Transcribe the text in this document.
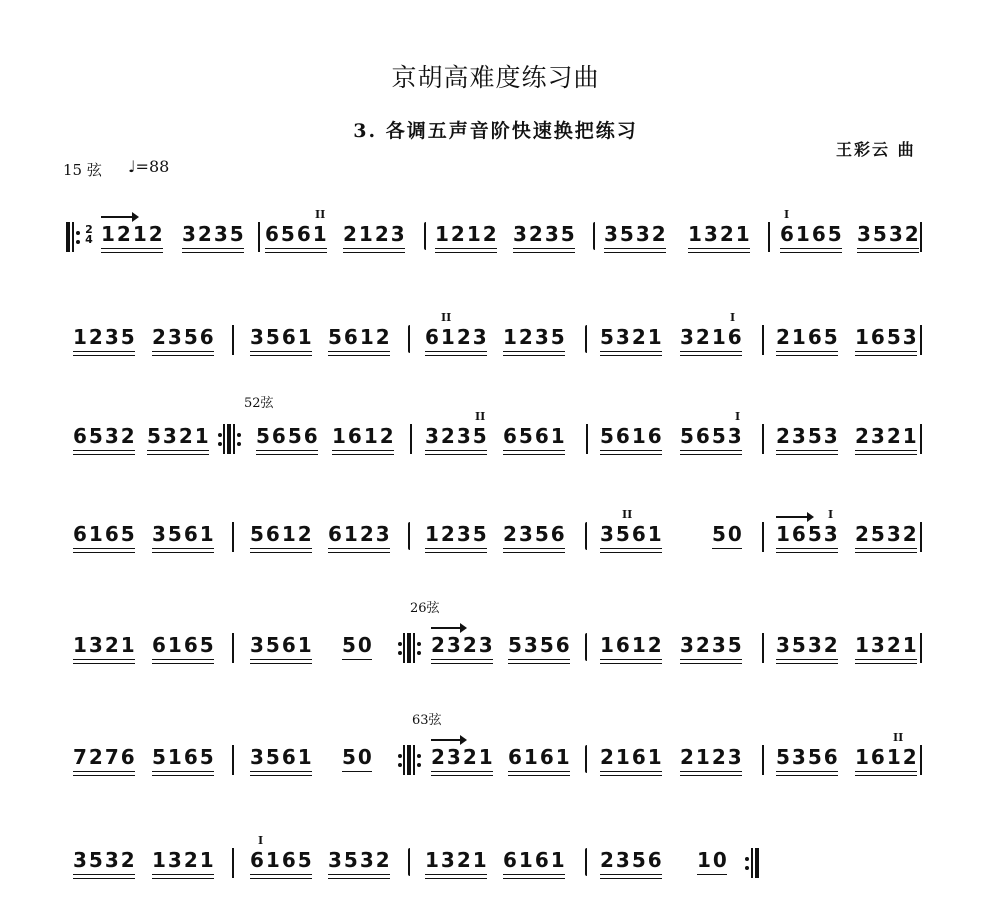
京胡高难度练习曲
3. 各调五声音阶快速换把练习
王彩云 曲
15 弦 ♩=88
1212 3235 6561 2123 1212 3235 3532 1321 6165 3532
2
4
II	I
1235 2356 3561 5612 6123 1235 5321 3216 2165 1653
II	I
6532 5321 5656 1612 3235 6561 5616 5653 2353 2321
52弦
II	I
6165 3561 5612 6123 1235 2356 3561 50 1653 2532
II	I
1321 6165 3561 50	2323 5356 1612 3235 3532 1321
26弦
7276 5165 3561 50	2321 6161 2161 2123 5356 1612
63弦
II
3532 1321 6165 3532 1321 6161 2356 10
I
